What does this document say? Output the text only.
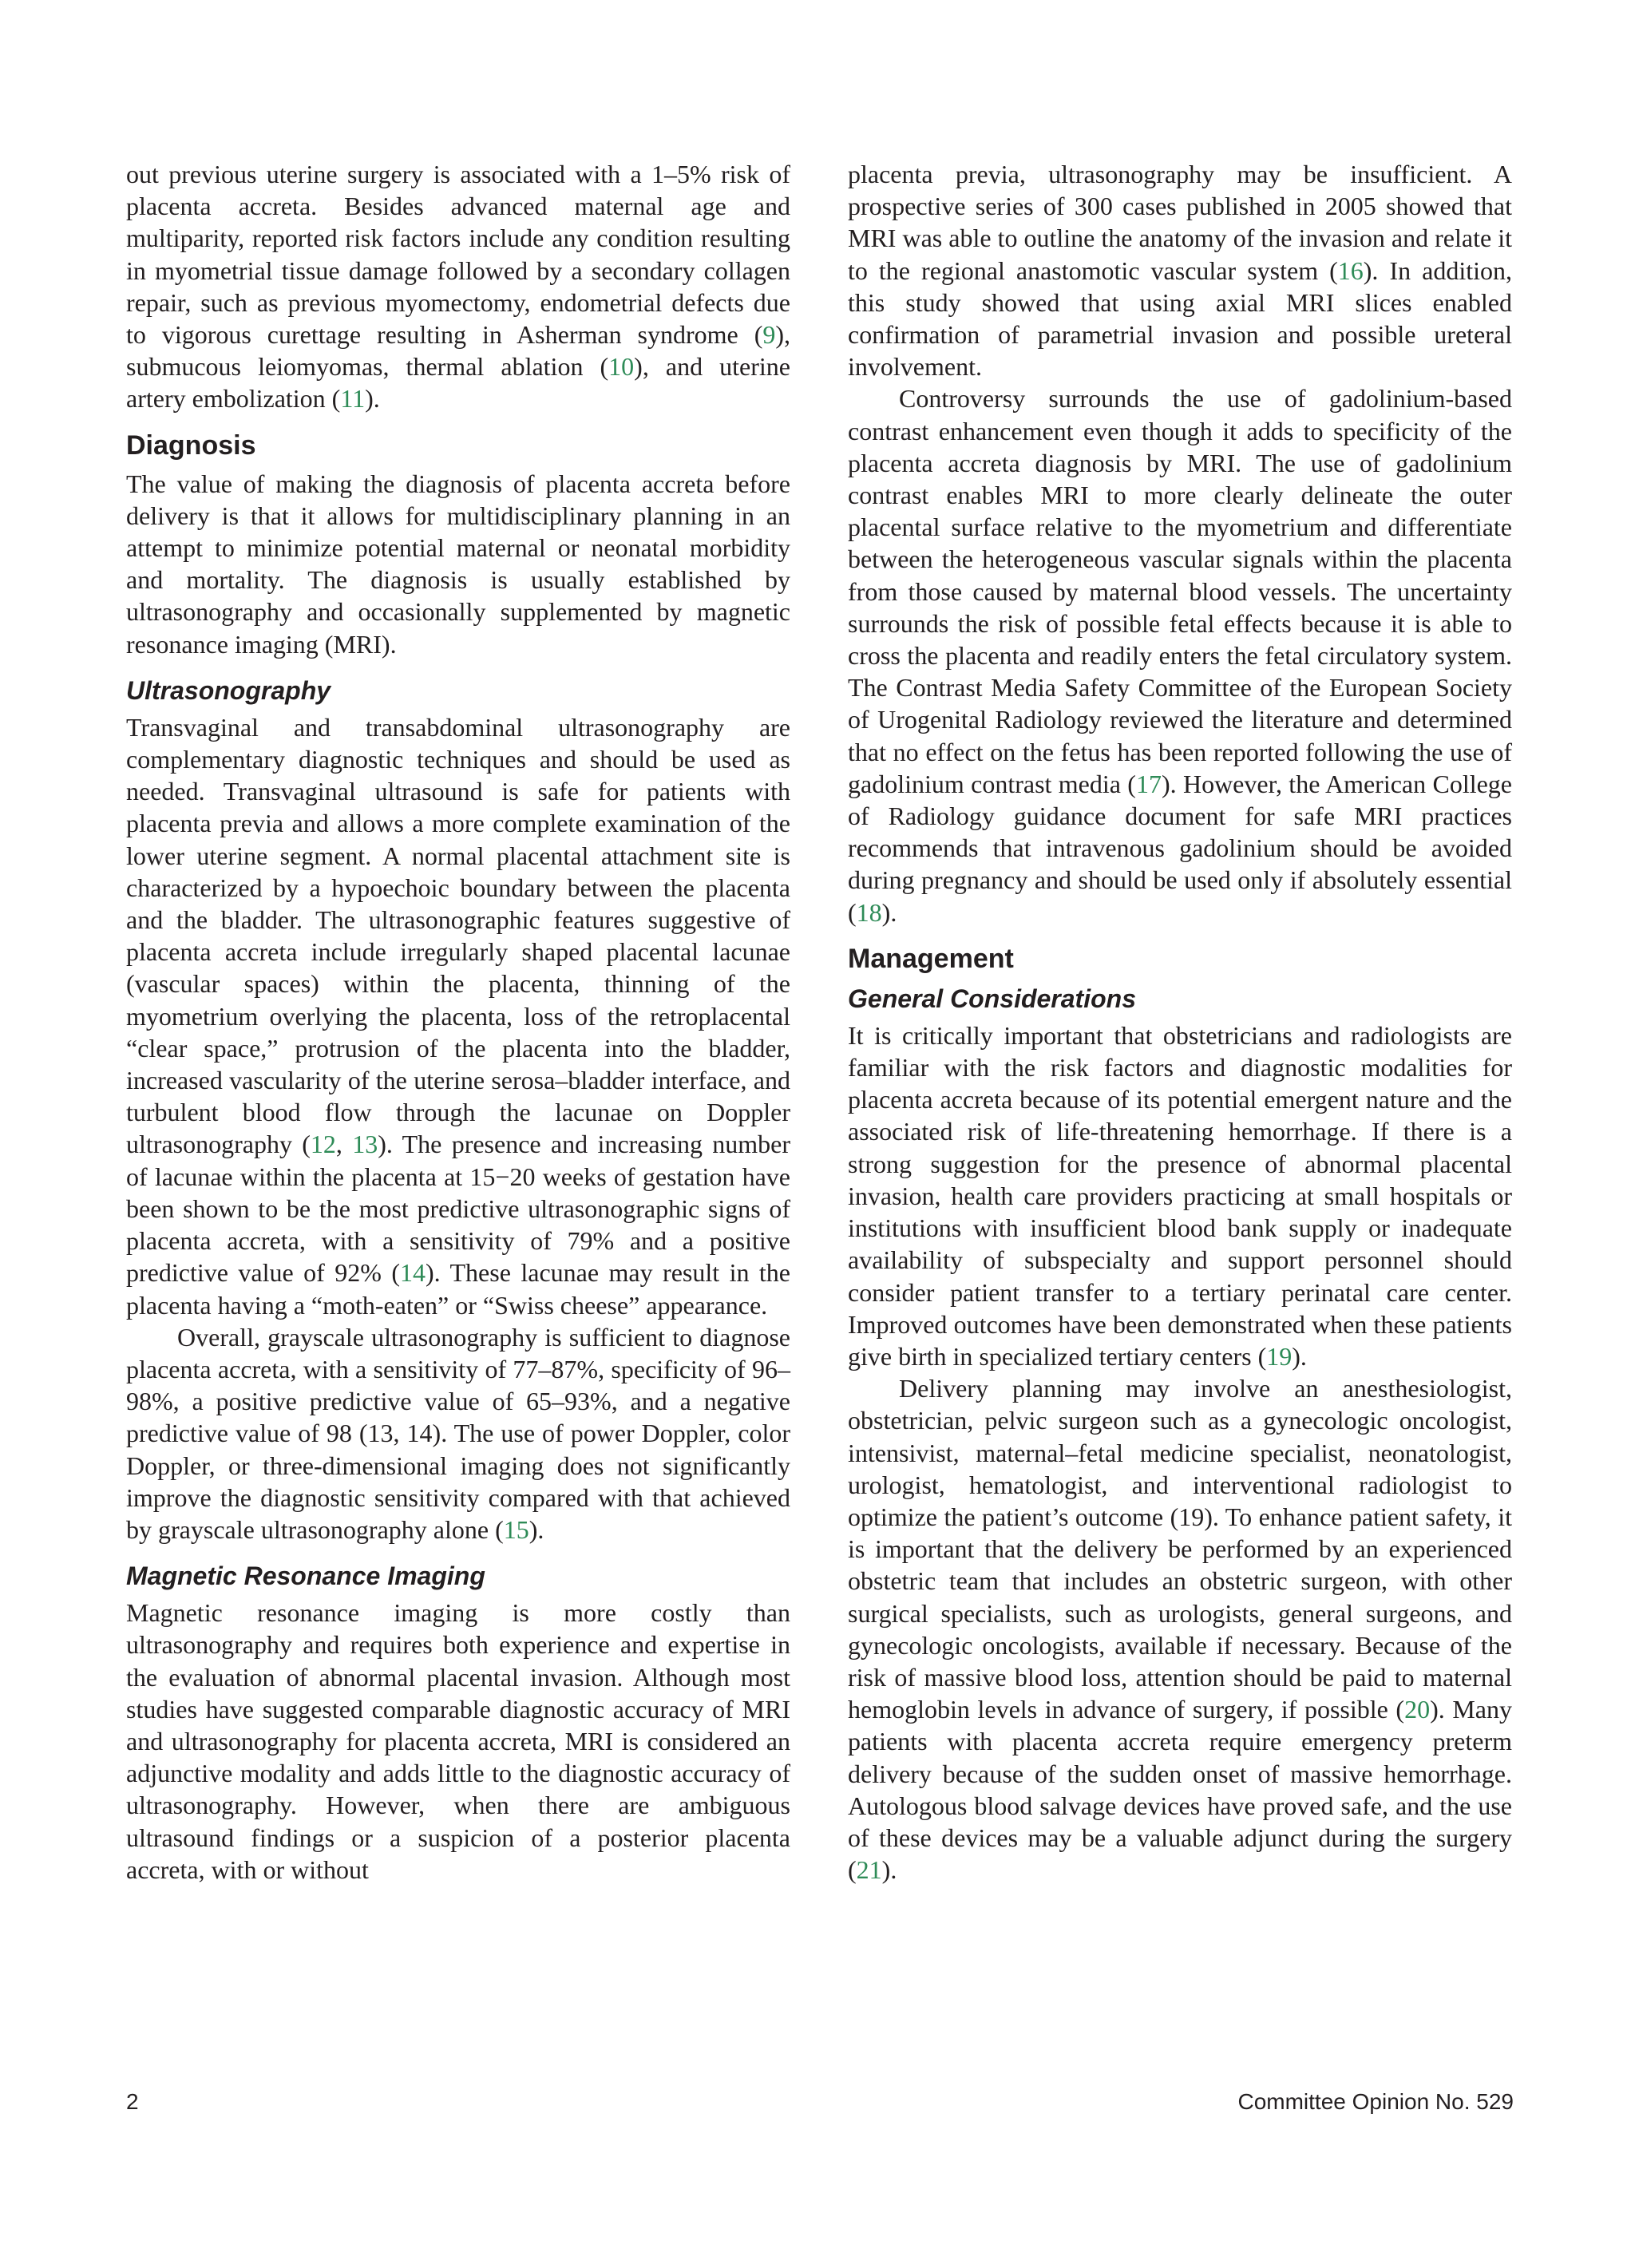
out previous uterine surgery is associated with a 1–5% risk of placenta accreta. Besides advanced maternal age and multiparity, reported risk factors include any condition resulting in myometrial tissue damage followed by a secondary collagen repair, such as previous myomectomy, endometrial defects due to vigorous curettage resulting in Asherman syndrome (9), submucous leiomyomas, thermal ablation (10), and uterine artery embolization (11).

Diagnosis

The value of making the diagnosis of placenta accreta before delivery is that it allows for multidisciplinary planning in an attempt to minimize potential maternal or neonatal morbidity and mortality. The diagnosis is usually established by ultrasonography and occasionally supplemented by magnetic resonance imaging (MRI).

Ultrasonography

Transvaginal and transabdominal ultrasonography are complementary diagnostic techniques and should be used as needed. Transvaginal ultrasound is safe for patients with placenta previa and allows a more complete examination of the lower uterine segment. A normal placental attachment site is characterized by a hypoechoic boundary between the placenta and the bladder. The ultrasonographic features suggestive of placenta accreta include irregularly shaped placental lacunae (vascular spaces) within the placenta, thinning of the myometrium overlying the placenta, loss of the retroplacental “clear space,” protrusion of the placenta into the bladder, increased vascularity of the uterine serosa–bladder interface, and turbulent blood flow through the lacunae on Doppler ultrasonography (12, 13). The presence and increasing number of lacunae within the placenta at 15−20 weeks of gestation have been shown to be the most predictive ultrasonographic signs of placenta accreta, with a sensitivity of 79% and a positive predictive value of 92% (14). These lacunae may result in the placenta having a “moth-eaten” or “Swiss cheese” appearance.

Overall, grayscale ultrasonography is sufficient to diagnose placenta accreta, with a sensitivity of 77–87%, specificity of 96–98%, a positive predictive value of 65–93%, and a negative predictive value of 98 (13, 14). The use of power Doppler, color Doppler, or three-dimensional imaging does not significantly improve the diagnostic sensitivity compared with that achieved by grayscale ultrasonography alone (15).

Magnetic Resonance Imaging

Magnetic resonance imaging is more costly than ultrasonography and requires both experience and expertise in the evaluation of abnormal placental invasion. Although most studies have suggested comparable diagnostic accuracy of MRI and ultrasonography for placenta accreta, MRI is considered an adjunctive modality and adds little to the diagnostic accuracy of ultrasonography. However, when there are ambiguous ultrasound findings or a suspicion of a posterior placenta accreta, with or without

placenta previa, ultrasonography may be insufficient. A prospective series of 300 cases published in 2005 showed that MRI was able to outline the anatomy of the invasion and relate it to the regional anastomotic vascular system (16). In addition, this study showed that using axial MRI slices enabled confirmation of parametrial invasion and possible ureteral involvement.

Controversy surrounds the use of gadolinium-based contrast enhancement even though it adds to specificity of the placenta accreta diagnosis by MRI. The use of gadolinium contrast enables MRI to more clearly delineate the outer placental surface relative to the myometrium and differentiate between the heterogeneous vascular signals within the placenta from those caused by maternal blood vessels. The uncertainty surrounds the risk of possible fetal effects because it is able to cross the placenta and readily enters the fetal circulatory system. The Contrast Media Safety Committee of the European Society of Urogenital Radiology reviewed the literature and determined that no effect on the fetus has been reported following the use of gadolinium contrast media (17). However, the American College of Radiology guidance document for safe MRI practices recommends that intravenous gadolinium should be avoided during pregnancy and should be used only if absolutely essential (18).

Management
General Considerations

It is critically important that obstetricians and radiologists are familiar with the risk factors and diagnostic modalities for placenta accreta because of its potential emergent nature and the associated risk of life-threatening hemorrhage. If there is a strong suggestion for the presence of abnormal placental invasion, health care providers practicing at small hospitals or institutions with insufficient blood bank supply or inadequate availability of subspecialty and support personnel should consider patient transfer to a tertiary perinatal care center. Improved outcomes have been demonstrated when these patients give birth in specialized tertiary centers (19).

Delivery planning may involve an anesthesiologist, obstetrician, pelvic surgeon such as a gynecologic oncologist, intensivist, maternal–fetal medicine specialist, neonatologist, urologist, hematologist, and interventional radiologist to optimize the patient’s outcome (19). To enhance patient safety, it is important that the delivery be performed by an experienced obstetric team that includes an obstetric surgeon, with other surgical specialists, such as urologists, general surgeons, and gynecologic oncologists, available if necessary. Because of the risk of massive blood loss, attention should be paid to maternal hemoglobin levels in advance of surgery, if possible (20). Many patients with placenta accreta require emergency preterm delivery because of the sudden onset of massive hemorrhage. Autologous blood salvage devices have proved safe, and the use of these devices may be a valuable adjunct during the surgery (21).

2	Committee Opinion No. 529
